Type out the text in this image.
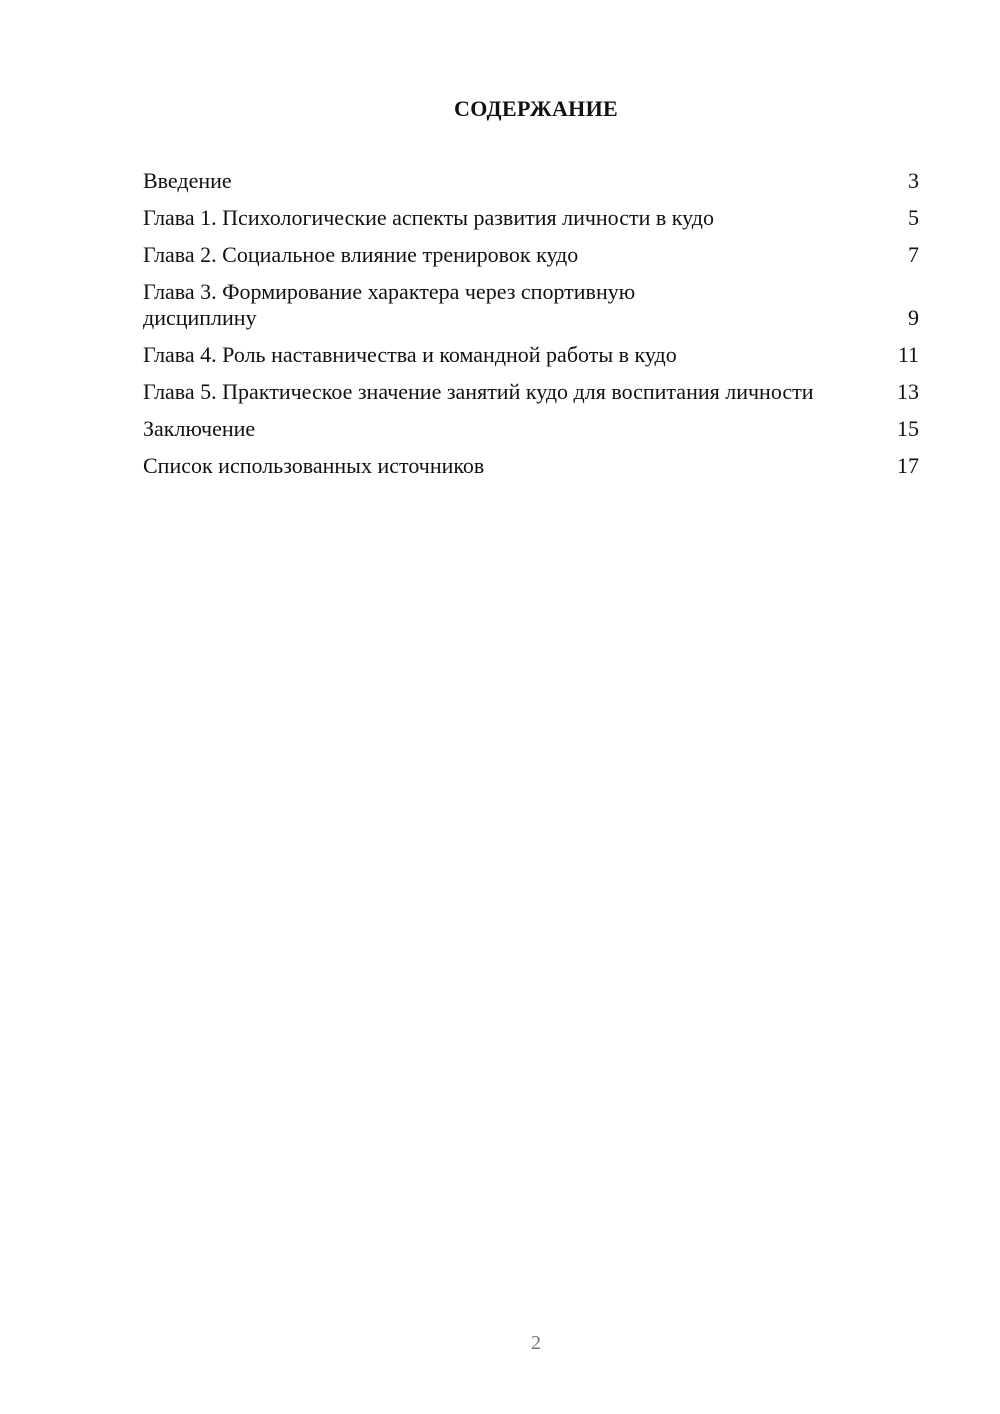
СОДЕРЖАНИЕ
Введение	3
Глава 1. Психологические аспекты развития личности в кудо	5
Глава 2. Социальное влияние тренировок кудо	7
Глава 3. Формирование характера через спортивную дисциплину	9
Глава 4. Роль наставничества и командной работы в кудо	11
Глава 5. Практическое значение занятий кудо для воспитания личности	13
Заключение	15
Список использованных источников	17

2
